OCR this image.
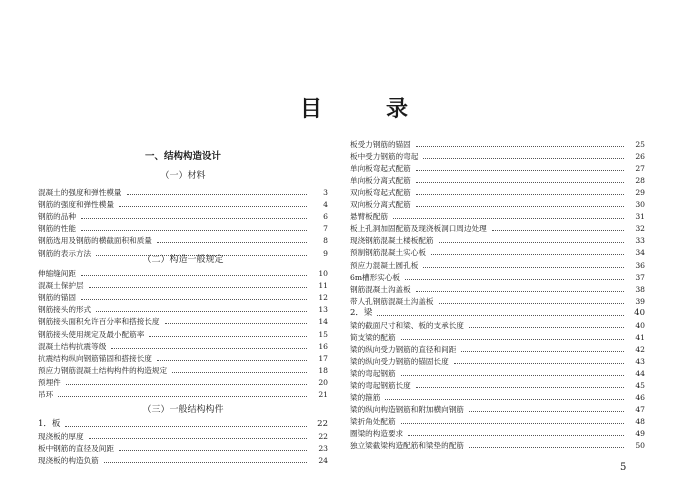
目	录
一、结构构造设计
（一）材料
混凝土的强度和弹性模量	3
钢筋的强度和弹性模量	4
钢筋的品种	6
钢筋的性能	7
钢筋选用及钢筋的横截面积和质量	8
钢筋的表示方法	9
（二）构造一般规定
伸缩缝间距	10
混凝土保护层	11
钢筋的锚固	12
钢筋接头的形式	13
钢筋接头面积允许百分率和搭接长度	14
钢筋接头使用规定及最小配筋率	15
混凝土结构抗震等级	16
抗震结构纵向钢筋锚固和搭接长度	17
预应力钢筋混凝土结构构件的构造规定	18
预埋件	20
吊环	21
（三）一般结构构件
1．板	22
现浇板的厚度	22
板中钢筋的直径及间距	23
现浇板的构造负筋	24
板受力钢筋的锚固	25
板中受力钢筋的弯起	26
单向板弯起式配筋	27
单向板分离式配筋	28
双向板弯起式配筋	29
双向板分离式配筋	30
悬臂板配筋	31
板上孔洞加固配筋及现浇板洞口周边处理	32
现浇钢筋混凝土楼板配筋	33
预制钢筋混凝土实心板	34
预应力混凝土圆孔板	36
6m槽形实心板	37
钢筋混凝土沟盖板	38
带人孔钢筋混凝土沟盖板	39
2．梁	40
梁的截面尺寸和梁、板的支承长度	40
简支梁的配筋	41
梁的纵向受力钢筋的直径和间距	42
梁的纵向受力钢筋的锚固长度	43
梁的弯起钢筋	44
梁的弯起钢筋长度	45
梁的箍筋	46
梁的纵向构造钢筋和附加横向钢筋	47
梁折角处配筋	48
圈梁的构造要求	49
独立梁截梁构造配筋和梁垫的配筋	50
5
